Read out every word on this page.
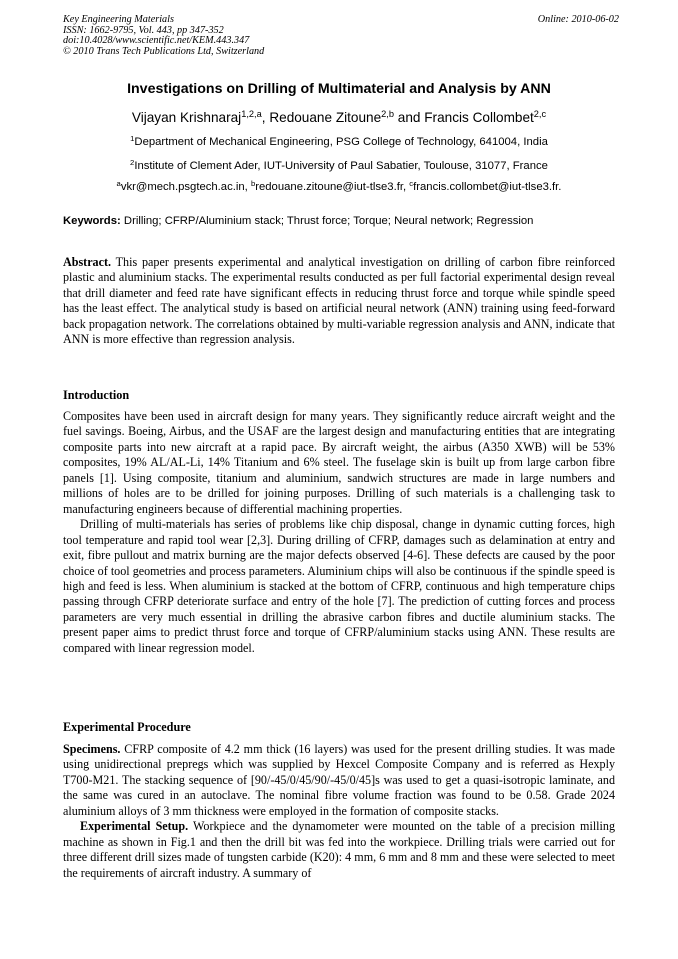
Key Engineering Materials
ISSN: 1662-9795, Vol. 443, pp 347-352
doi:10.4028/www.scientific.net/KEM.443.347
© 2010 Trans Tech Publications Ltd, Switzerland
Online: 2010-06-02
Investigations on Drilling of Multimaterial and Analysis by ANN
Vijayan Krishnaraj$^{1,2,a}$, Redouane Zitoune$^{2,b}$ and Francis Collombet$^{2,c}$
$^1$Department of Mechanical Engineering, PSG College of Technology, 641004, India
$^2$Institute of Clement Ader, IUT-University of Paul Sabatier, Toulouse, 31077, France
$^a$vkr@mech.psgtech.ac.in, $^b$redouane.zitoune@iut-tlse3.fr, $^c$francis.collombet@iut-tlse3.fr.
Keywords: Drilling; CFRP/Aluminium stack; Thrust force; Torque; Neural network; Regression

Abstract. This paper presents experimental and analytical investigation on drilling of carbon fibre reinforced plastic and aluminium stacks. The experimental results conducted as per full factorial experimental design reveal that drill diameter and feed rate have significant effects in reducing thrust force and torque while spindle speed has the least effect. The analytical study is based on artificial neural network (ANN) training using feed-forward back propagation network. The correlations obtained by multi-variable regression analysis and ANN, indicate that ANN is more effective than regression analysis.

Introduction

Composites have been used in aircraft design for many years. They significantly reduce aircraft weight and the fuel savings. Boeing, Airbus, and the USAF are the largest design and manufacturing entities that are integrating composite parts into new aircraft at a rapid pace. By aircraft weight, the airbus (A350 XWB) will be 53% composites, 19% AL/AL-Li, 14% Titanium and 6% steel. The fuselage skin is built up from large carbon fibre panels [1]. Using composite, titanium and aluminium, sandwich structures are made in large numbers and millions of holes are to be drilled for joining purposes. Drilling of such materials is a challenging task to manufacturing engineers because of differential machining properties.

Drilling of multi-materials has series of problems like chip disposal, change in dynamic cutting forces, high tool temperature and rapid tool wear [2,3]. During drilling of CFRP, damages such as delamination at entry and exit, fibre pullout and matrix burning are the major defects observed [4-6]. These defects are caused by the poor choice of tool geometries and process parameters. Aluminium chips will also be continuous if the spindle speed is high and feed is less. When aluminium is stacked at the bottom of CFRP, continuous and high temperature chips passing through CFRP deteriorate surface and entry of the hole [7]. The prediction of cutting forces and process parameters are very much essential in drilling the abrasive carbon fibres and ductile aluminium stacks. The present paper aims to predict thrust force and torque of CFRP/aluminium stacks using ANN. These results are compared with linear regression model.

Experimental Procedure

Specimens. CFRP composite of 4.2 mm thick (16 layers) was used for the present drilling studies. It was made using unidirectional prepregs which was supplied by Hexcel Composite Company and is referred as Hexply T700-M21. The stacking sequence of [90/-45/0/45/90/-45/0/45]s was used to get a quasi-isotropic laminate, and the same was cured in an autoclave. The nominal fibre volume fraction was found to be 0.58. Grade 2024 aluminium alloys of 3 mm thickness were employed in the formation of composite stacks.

Experimental Setup. Workpiece and the dynamometer were mounted on the table of a precision milling machine as shown in Fig.1 and then the drill bit was fed into the workpiece. Drilling trials were carried out for three different drill sizes made of tungsten carbide (K20): 4 mm, 6 mm and 8 mm and these were selected to meet the requirements of aircraft industry. A summary of
